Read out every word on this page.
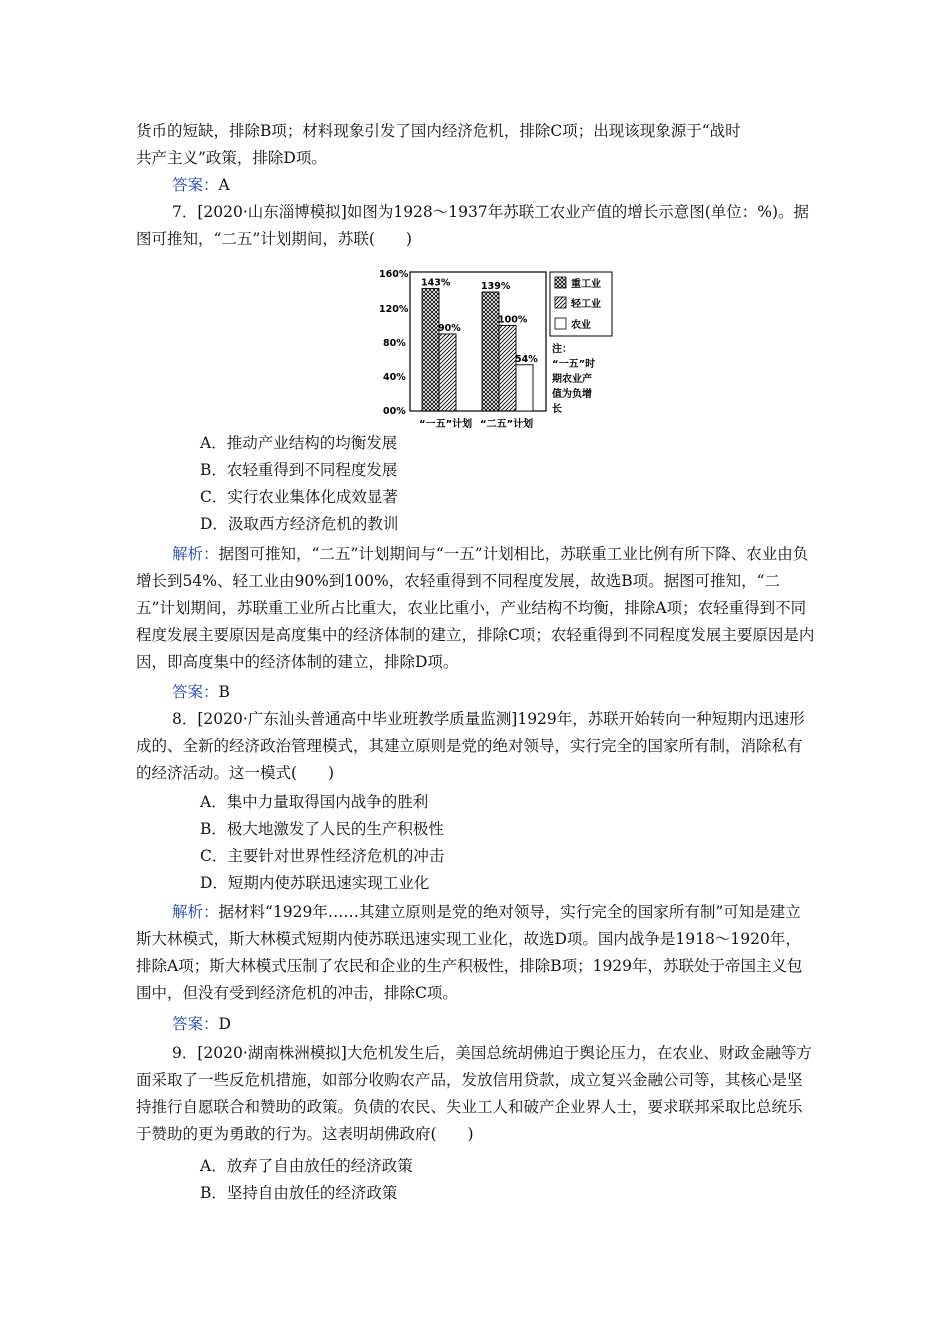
货币的短缺，排除B项；材料现象引发了国内经济危机，排除C项；出现该现象源于“战时

共产主义”政策，排除D项。

答案：A

7．[2020·山东淄博模拟]如图为1928～1937年苏联工农业产值的增长示意图(单位：%)。据图可推知，“二五”计划期间，苏联(　　)

160%
120%
80%
40%
00%
143%
90%
139%
100%
54%
“一五”计划 “二五”计划
重工业
轻工业
农业
注：
“一五”时
期农业产
值为负增
长

A．推动产业结构的均衡发展

B．农轻重得到不同程度发展

C．实行农业集体化成效显著

D．汲取西方经济危机的教训

解析：据图可推知，“二五”计划期间与“一五”计划相比，苏联重工业比例有所下降、农业由负增长到54%、轻工业由90%到100%，农轻重得到不同程度发展，故选B项。据图可推知，“二五”计划期间，苏联重工业所占比重大，农业比重小，产业结构不均衡，排除A项；农轻重得到不同程度发展主要原因是高度集中的经济体制的建立，排除C项；农轻重得到不同程度发展主要原因是内因，即高度集中的经济体制的建立，排除D项。

答案：B

8．[2020·广东汕头普通高中毕业班教学质量监测]1929年，苏联开始转向一种短期内迅速形成的、全新的经济政治管理模式，其建立原则是党的绝对领导，实行完全的国家所有制，消除私有的经济活动。这一模式(　　)

A．集中力量取得国内战争的胜利

B．极大地激发了人民的生产积极性

C．主要针对世界性经济危机的冲击

D．短期内使苏联迅速实现工业化

解析：据材料“1929年……其建立原则是党的绝对领导，实行完全的国家所有制”可知是建立斯大林模式，斯大林模式短期内使苏联迅速实现工业化，故选D项。国内战争是1918～1920年，排除A项；斯大林模式压制了农民和企业的生产积极性，排除B项；1929年，苏联处于帝国主义包围中，但没有受到经济危机的冲击，排除C项。

答案：D

9．[2020·湖南株洲模拟]大危机发生后，美国总统胡佛迫于舆论压力，在农业、财政金融等方面采取了一些反危机措施，如部分收购农产品，发放信用贷款，成立复兴金融公司等，其核心是坚持推行自愿联合和赞助的政策。负债的农民、失业工人和破产企业界人士，要求联邦采取比总统乐于赞助的更为勇敢的行为。这表明胡佛政府(　　)

A．放弃了自由放任的经济政策

B．坚持自由放任的经济政策
